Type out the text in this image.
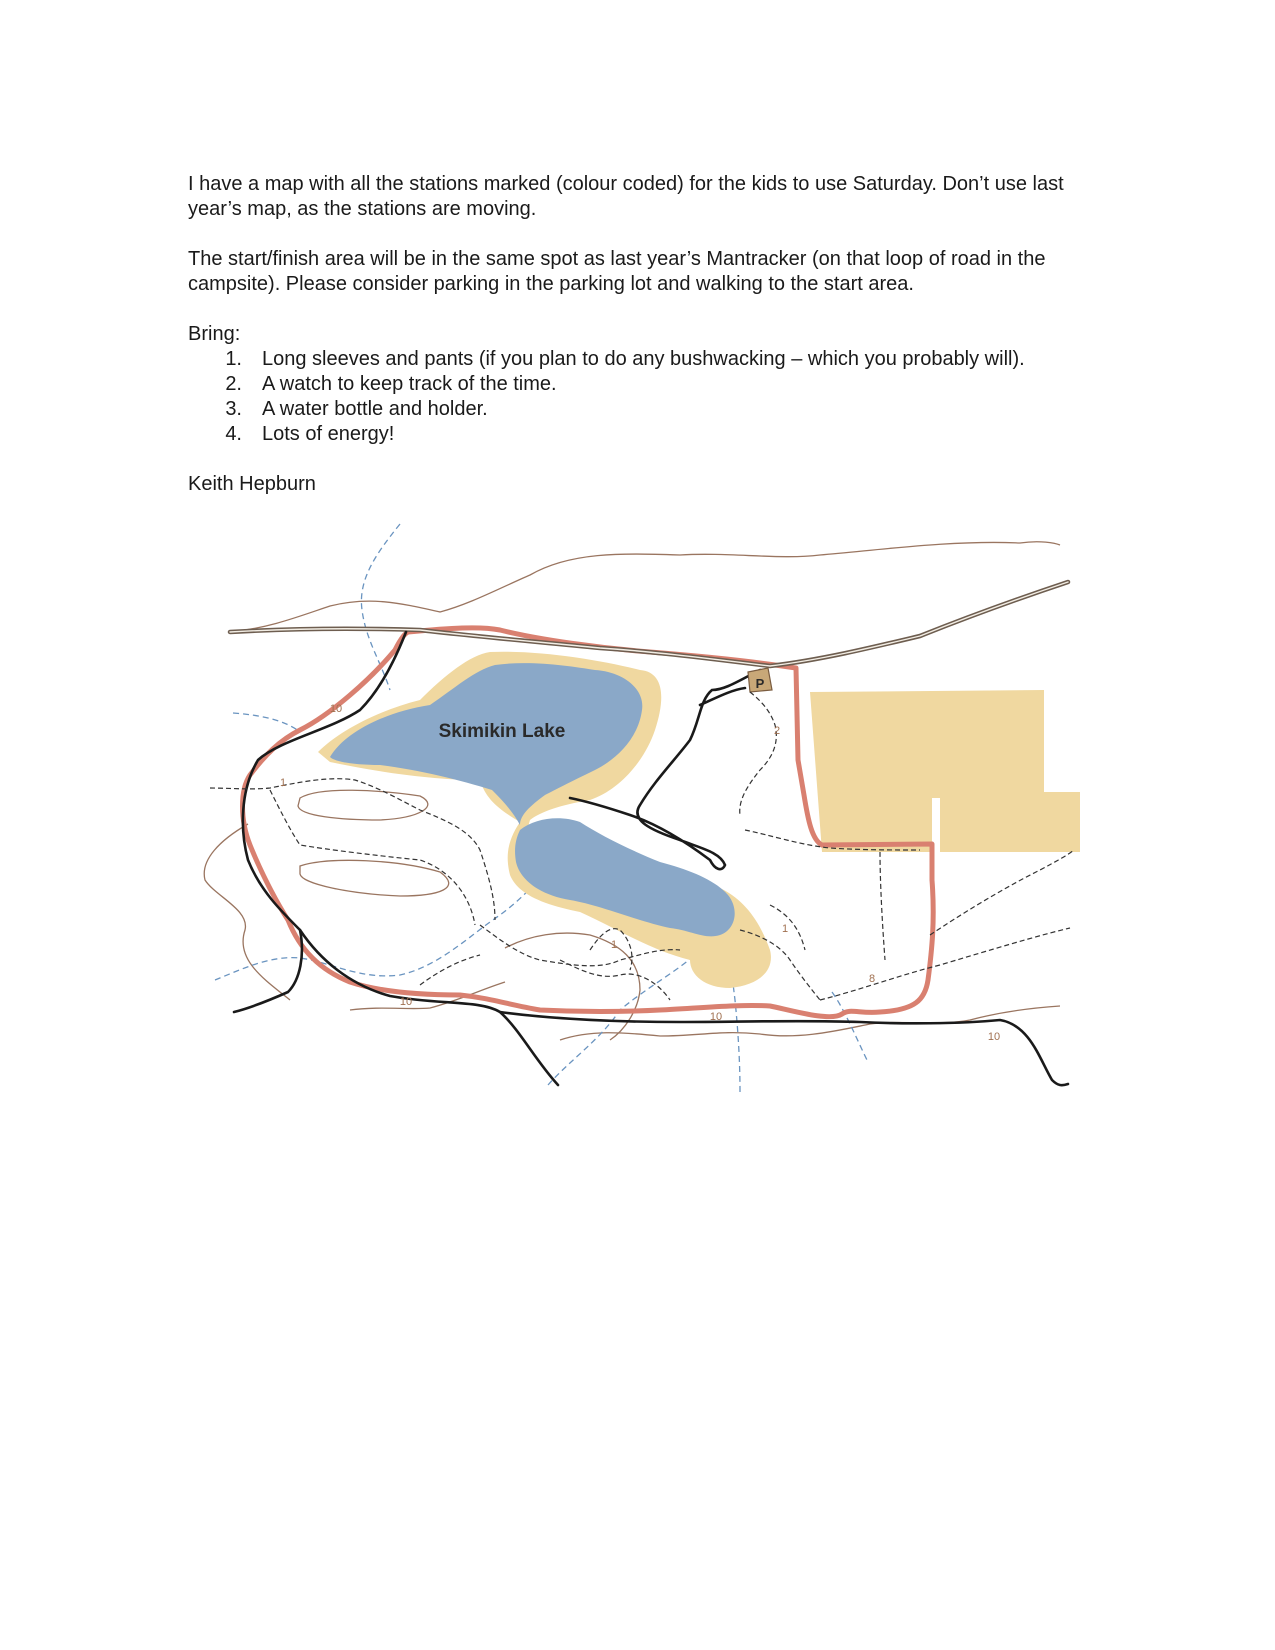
I have a map with all the stations marked (colour coded) for the kids to use Saturday. Don’t use last year’s map, as the stations are moving.

The start/finish area will be in the same spot as last year’s Mantracker (on that loop of road in the campsite). Please consider parking in the parking lot and walking to the start area.

Bring:

1.	Long sleeves and pants (if you plan to do any bushwacking – which you probably will).
2.	A watch to keep track of the time.
3.	A water bottle and holder.
4.	Lots of energy!

Keith Hepburn

Skimikin Lake
P
10
1
2
1
1
8
10
10
10
